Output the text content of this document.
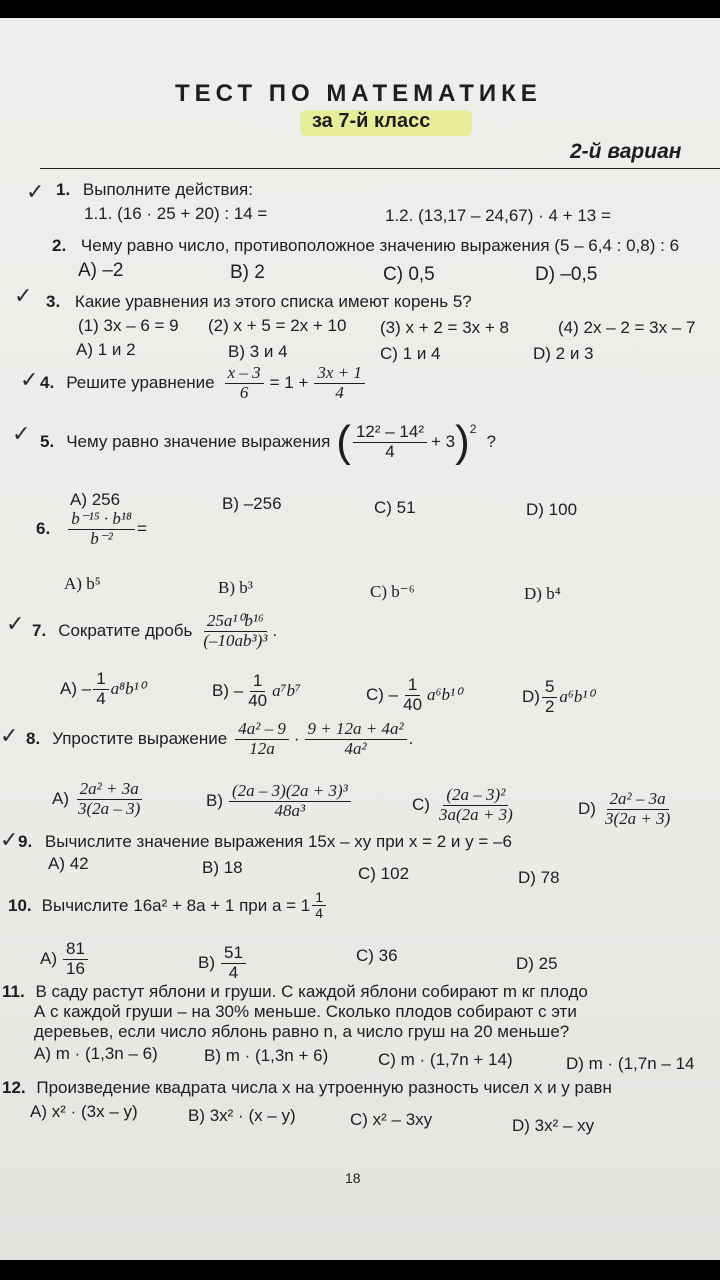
ТЕСТ ПО МАТЕМАТИКЕ
за 7-й класс
2-й вариан
✓ 1. Выполните действия:
1.1. (16 · 25 + 20) : 14 =	1.2. (13,17 – 24,67) · 4 + 13 =
2. Чему равно число, противоположное значению выражения (5 – 6,4 : 0,8) : 6
A) –2	B) 2	C) 0,5	D) –0,5
✓ 3. Какие уравнения из этого списка имеют корень 5?
(1) 3x – 6 = 9 (2) x + 5 = 2x + 10 (3) x + 2 = 3x + 8	(4) 2x – 2 = 3x – 7
A) 1 и 2	B) 3 и 4	C) 1 и 4	D) 2 и 3
✓ 4. Решите уравнение $\frac{x - 3}{6} = 1 + \frac{3x + 1}{4}$
✓ 5. Чему равно значение выражения ( $\frac{\text{12² – 14²}}{4} + 3$ ) 2
?
A) 256	B) –256	C) 51	D) 100
6. $\frac{\text{b⁻¹⁵ · b¹⁸}}{\text{b⁻²}}$ =
A) b⁵	B) b³	C) b⁻⁶	D) b⁴
✓ 7. Сократите дробь $\frac{\text{25a¹⁰b¹⁶}}{\text{(–10ab³)³}}$ .
$A) - \frac{1}{4} a^8b^{10}$	$B) - \frac{1}{40} a^7b^7$	$C) - \frac{1}{40} a^6b^{10}$	$D) \frac{5}{2} a^6b^{10}$
✓ 8. Упростите выражение $\frac{\text{4a² – 9}}{12a} \cdot \frac{\text{9 + 12a + 4a²}}{\text{4a²}}$ .
$A) \frac{\text{2a² + 3a}}{3(2a - 3)}$	$B) \frac{\text{(2a – 3)(2a + 3)³}}{\text{48a³}}$	$C) \frac{\text{(2a – 3)²}}{3a(2a + 3)}$	$D) \frac{\text{2a² – 3a}}{3(2a + 3)}$
✓ 9. Вычислите значение выражения 15x – xy при x = 2 и y = –6
A) 42	B) 18	C) 102	D) 78
10. Вычислите 16a² + 8a + 1 при $a = 1 \frac{1}{4}$
$A) \frac{81}{16}$	$B) \frac{51}{4}$	C) 36	D) 25
11. В саду растут яблони и груши. С каждой яблони собирают m кг плодо
А с каждой груши – на 30% меньше. Сколько плодов собирают с эти
деревьев, если число яблонь равно n, а число груш на 20 меньше?
A) m · (1,3n – 6)	B) m · (1,3n + 6)	C) m · (1,7n + 14)	D) m · (1,7n – 14
12. Произведение квадрата числа x на утроенную разность чисел x и y равн
A) x² · (3x – y)	B) 3x² · (x – y)	C) x² – 3xy	D) 3x² – xy
18
